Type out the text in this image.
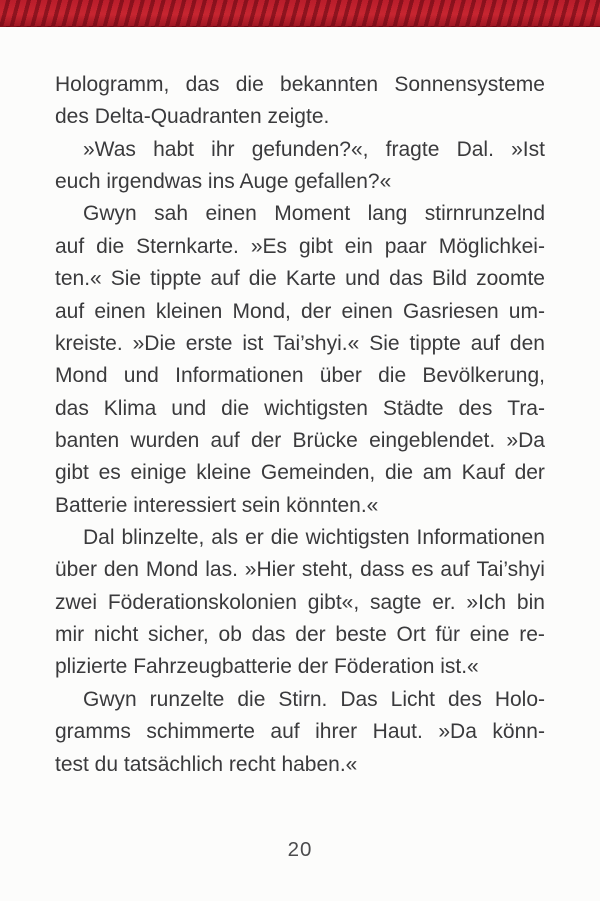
Hologramm, das die bekannten Sonnensysteme
des Delta-Quadranten zeigte.
»Was habt ihr gefunden?«, fragte Dal. »Ist
euch irgendwas ins Auge gefallen?«
Gwyn sah einen Moment lang stirnrunzelnd
auf die Sternkarte. »Es gibt ein paar Möglichkei-
ten.« Sie tippte auf die Karte und das Bild zoomte
auf einen kleinen Mond, der einen Gasriesen um-
kreiste. »Die erste ist Tai’shyi.« Sie tippte auf den
Mond und Informationen über die Bevölkerung,
das Klima und die wichtigsten Städte des Tra-
banten wurden auf der Brücke eingeblendet. »Da
gibt es einige kleine Gemeinden, die am Kauf der
Batterie interessiert sein könnten.«
Dal blinzelte, als er die wichtigsten Informationen
über den Mond las. »Hier steht, dass es auf Tai’shyi
zwei Föderationskolonien gibt«, sagte er. »Ich bin
mir nicht sicher, ob das der beste Ort für eine re-
plizierte Fahrzeugbatterie der Föderation ist.«
Gwyn runzelte die Stirn. Das Licht des Holo-
gramms schimmerte auf ihrer Haut. »Da könn-
test du tatsächlich recht haben.«
20
